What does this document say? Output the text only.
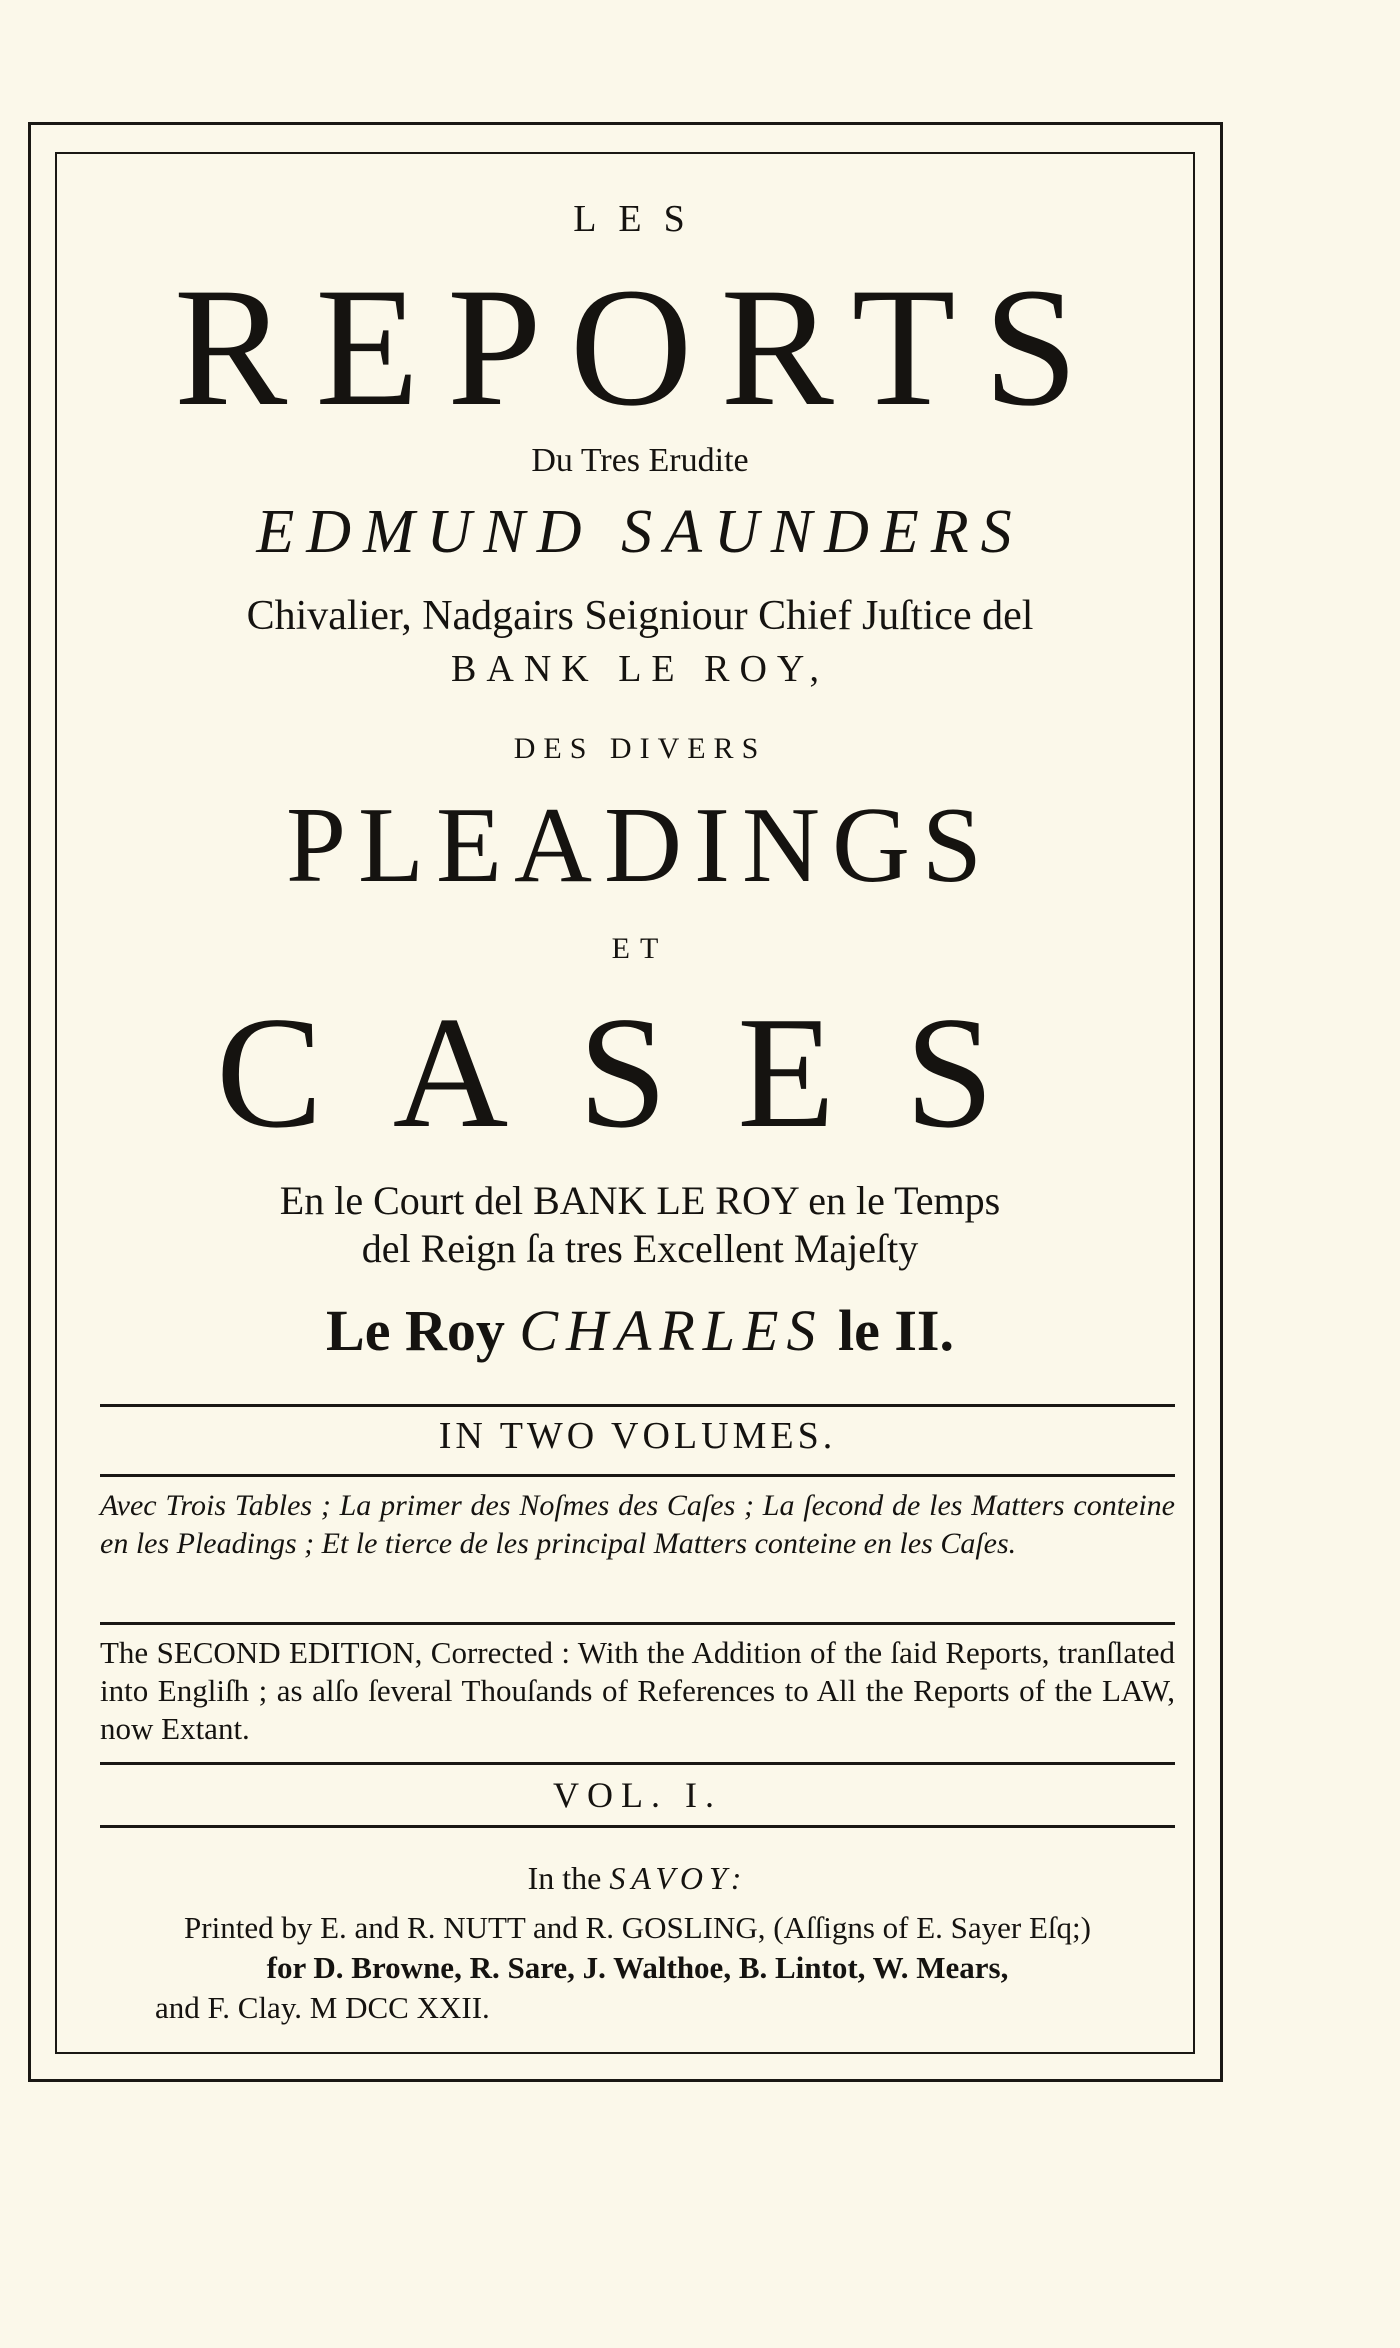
LES
REPORTS
Du Tres Erudite
EDMUND SAUNDERS
Chivalier, Nadgairs Seigniour Chief Juſtice del
BANK LE ROY,
DES DIVERS
PLEADINGS
ET
CASES
En le Court del BANK LE ROY en le Temps
del Reign ſa tres Excellent Majeſty
Le Roy CHARLES le II.
IN TWO VOLUMES.
Avec Trois Tables ; La primer des Noſmes des Caſes ; La ſecond de les Matters conteine en les Pleadings ; Et le tierce de les principal Matters conteine en les Caſes.
The SECOND EDITION, Corrected : With the Addition of the ſaid Reports, tranſlated into Engliſh ; as alſo ſeveral Thouſands of References to All the Reports of the LAW, now Extant.
VOL. I.
In the SAVOY:
Printed by E. and R. NUTT and R. GOSLING, (Aſſigns of E. Sayer Eſq;)
for D. Browne, R. Sare, J. Walthoe, B. Lintot, W. Mears,
and F. Clay. M DCC XXII.
